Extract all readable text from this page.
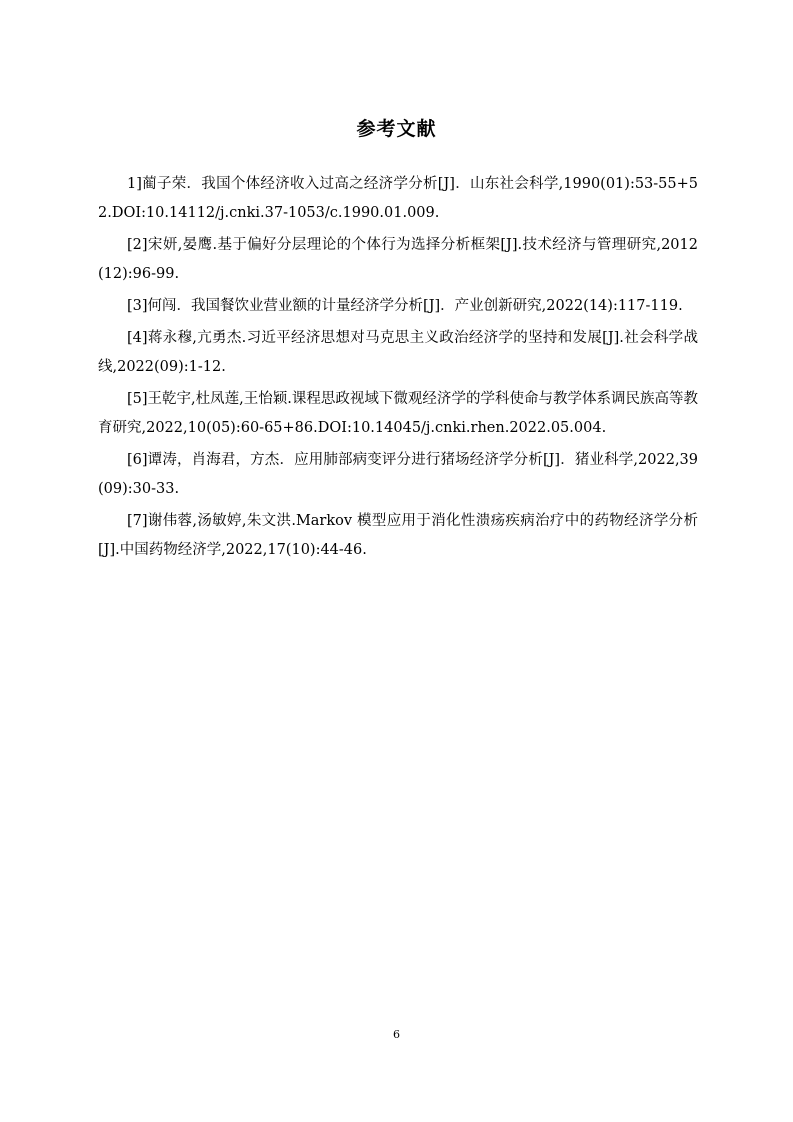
参考文献

1]蔺子荣．我国个体经济收入过高之经济学分析[J]．山东社会科学,1990(01):53-55+52.DOI:10.14112/j.cnki.37-1053/c.1990.01.009.

[2]宋妍,晏鹰.基于偏好分层理论的个体行为选择分析框架[J].技术经济与管理研究,2012(12):96-99.

[3]何闯．我国餐饮业营业额的计量经济学分析[J]．产业创新研究,2022(14):117-119.

[4]蒋永穆,亢勇杰.习近平经济思想对马克思主义政治经济学的坚持和发展[J].社会科学战线,2022(09):1-12.

[5]王乾宇,杜凤莲,王怡颖.课程思政视域下微观经济学的学科使命与教学体系调民族高等教育研究,2022,10(05):60-65+86.DOI:10.14045/j.cnki.rhen.2022.05.004.

[6]谭涛，肖海君，方杰．应用肺部病变评分进行猪场经济学分析[J]．猪业科学,2022,39(09):30-33.

[7]谢伟蓉,汤敏婷,朱文洪.Markov 模型应用于消化性溃疡疾病治疗中的药物经济学分析[J].中国药物经济学,2022,17(10):44-46.

6
